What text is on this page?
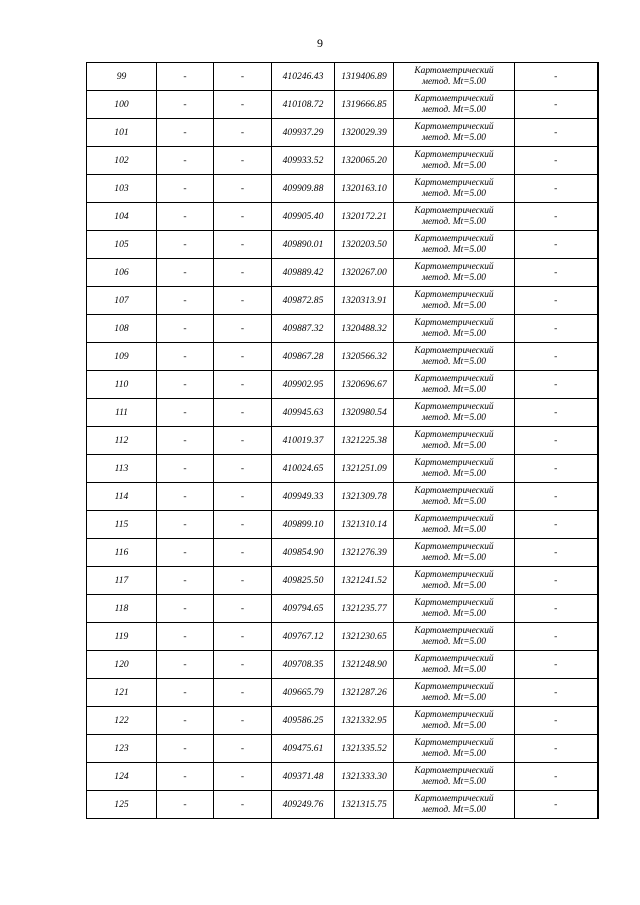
9
99	-	-	410246.43	1319406.89	Картометрический
метод. Мt=5.00	-
100	-	-	410108.72	1319666.85	Картометрический
метод. Мt=5.00	-
101	-	-	409937.29	1320029.39	Картометрический
метод. Мt=5.00	-
102	-	-	409933.52	1320065.20	Картометрический
метод. Мt=5.00	-
103	-	-	409909.88	1320163.10	Картометрический
метод. Мt=5.00	-
104	-	-	409905.40	1320172.21	Картометрический
метод. Мt=5.00	-
105	-	-	409890.01	1320203.50	Картометрический
метод. Мt=5.00	-
106	-	-	409889.42	1320267.00	Картометрический
метод. Мt=5.00	-
107	-	-	409872.85	1320313.91	Картометрический
метод. Мt=5.00	-
108	-	-	409887.32	1320488.32	Картометрический
метод. Мt=5.00	-
109	-	-	409867.28	1320566.32	Картометрический
метод. Мt=5.00	-
110	-	-	409902.95	1320696.67	Картометрический
метод. Мt=5.00	-
111	-	-	409945.63	1320980.54	Картометрический
метод. Мt=5.00	-
112	-	-	410019.37	1321225.38	Картометрический
метод. Мt=5.00	-
113	-	-	410024.65	1321251.09	Картометрический
метод. Мt=5.00	-
114	-	-	409949.33	1321309.78	Картометрический
метод. Мt=5.00	-
115	-	-	409899.10	1321310.14	Картометрический
метод. Мt=5.00	-
116	-	-	409854.90	1321276.39	Картометрический
метод. Мt=5.00	-
117	-	-	409825.50	1321241.52	Картометрический
метод. Мt=5.00	-
118	-	-	409794.65	1321235.77	Картометрический
метод. Мt=5.00	-
119	-	-	409767.12	1321230.65	Картометрический
метод. Мt=5.00	-
120	-	-	409708.35	1321248.90	Картометрический
метод. Мt=5.00	-
121	-	-	409665.79	1321287.26	Картометрический
метод. Мt=5.00	-
122	-	-	409586.25	1321332.95	Картометрический
метод. Мt=5.00	-
123	-	-	409475.61	1321335.52	Картометрический
метод. Мt=5.00	-
124	-	-	409371.48	1321333.30	Картометрический
метод. Мt=5.00	-
125	-	-	409249.76	1321315.75	Картометрический
метод. Мt=5.00	-
